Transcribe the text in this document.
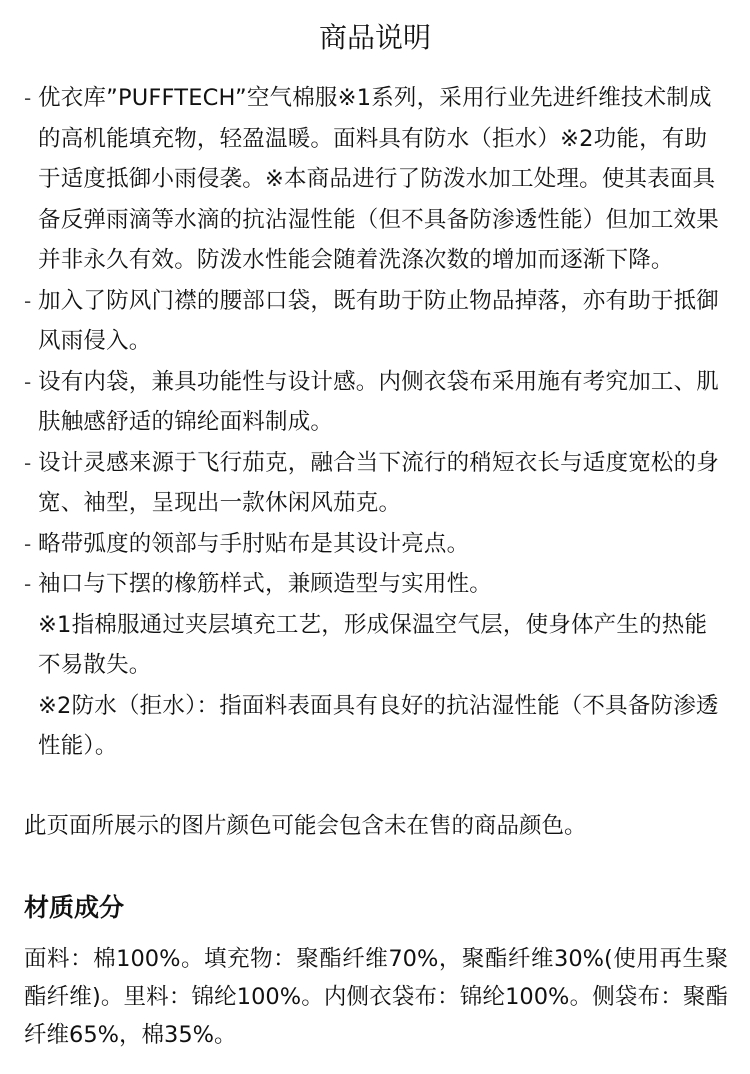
商品说明
- 优衣库”PUFFTECH”空气棉服※1系列，采用行业先进纤维技术制成的高机能填充物，轻盈温暖。面料具有防水（拒水）※2功能，有助于适度抵御小雨侵袭。※本商品进行了防泼水加工处理。使其表面具备反弹雨滴等水滴的抗沾湿性能（但不具备防渗透性能）但加工效果并非永久有效。防泼水性能会随着洗涤次数的增加而逐渐下降。
- 加入了防风门襟的腰部口袋，既有助于防止物品掉落，亦有助于抵御风雨侵入。
- 设有内袋，兼具功能性与设计感。内侧衣袋布采用施有考究加工、肌肤触感舒适的锦纶面料制成。
- 设计灵感来源于飞行茄克，融合当下流行的稍短衣长与适度宽松的身宽、袖型，呈现出一款休闲风茄克。
- 略带弧度的领部与手肘贴布是其设计亮点。
- 袖口与下摆的橡筋样式，兼顾造型与实用性。
※1指棉服通过夹层填充工艺，形成保温空气层，使身体产生的热能不易散失。
※2防水（拒水）：指面料表面具有良好的抗沾湿性能（不具备防渗透性能）。
此页面所展示的图片颜色可能会包含未在售的商品颜色。
材质成分
面料：棉100%。填充物：聚酯纤维70%，聚酯纤维30%(使用再生聚酯纤维)。里料：锦纶100%。内侧衣袋布：锦纶100%。侧袋布：聚酯纤维65%，棉35%。
